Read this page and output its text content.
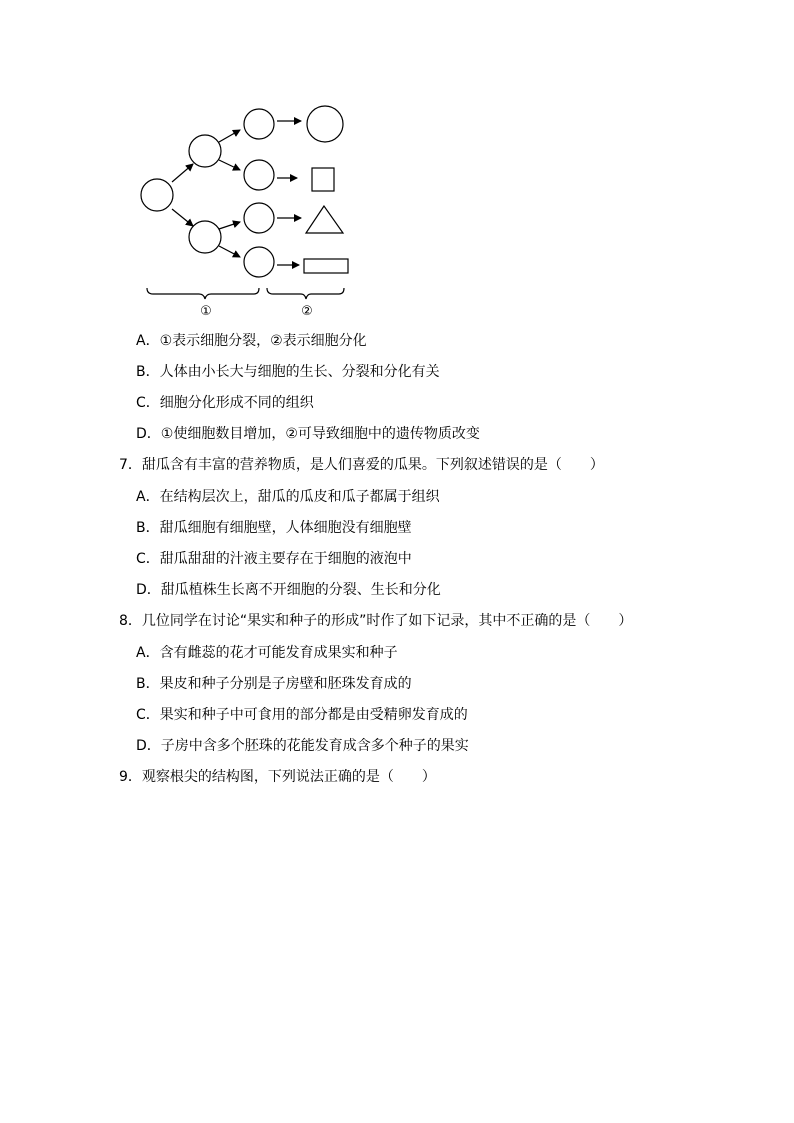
①	②
A．①表示细胞分裂，②表示细胞分化
B．人体由小长大与细胞的生长、分裂和分化有关
C．细胞分化形成不同的组织
D．①使细胞数目增加，②可导致细胞中的遗传物质改变
7．甜瓜含有丰富的营养物质，是人们喜爱的瓜果。下列叙述错误的是（　　）
A．在结构层次上，甜瓜的瓜皮和瓜子都属于组织
B．甜瓜细胞有细胞壁，人体细胞没有细胞壁
C．甜瓜甜甜的汁液主要存在于细胞的液泡中
D．甜瓜植株生长离不开细胞的分裂、生长和分化
8．几位同学在讨论“果实和种子的形成”时作了如下记录，其中不正确的是（　　）
A．含有雌蕊的花才可能发育成果实和种子
B．果皮和种子分别是子房壁和胚珠发育成的
C．果实和种子中可食用的部分都是由受精卵发育成的
D．子房中含多个胚珠的花能发育成含多个种子的果实
9．观察根尖的结构图，下列说法正确的是（　　）
